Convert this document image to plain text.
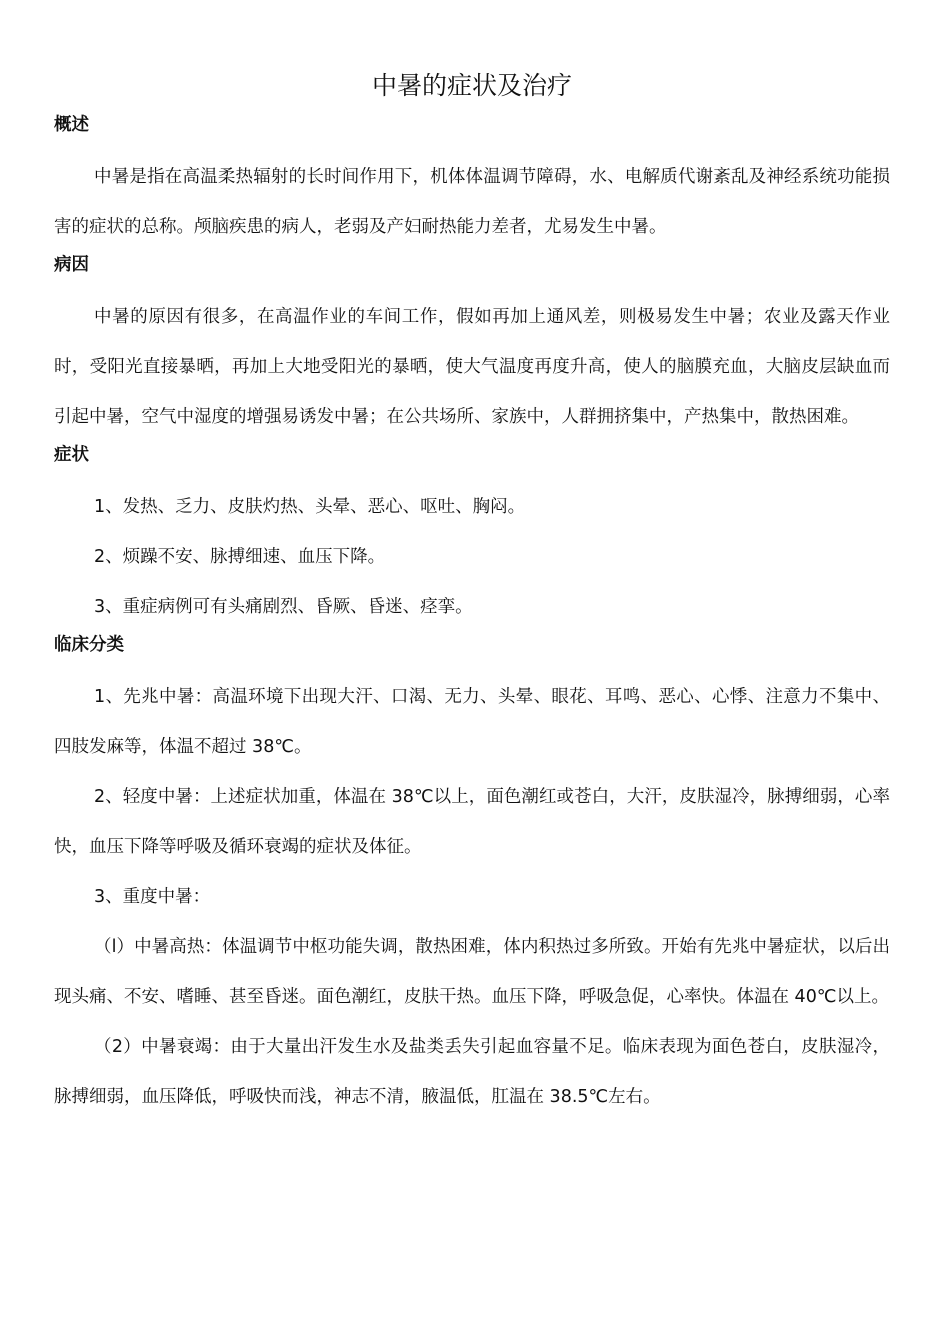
中暑的症状及治疗

概述

中暑是指在高温柔热辐射的长时间作用下，机体体温调节障碍，水、电解质代谢紊乱及神经系统功能损害的症状的总称。颅脑疾患的病人，老弱及产妇耐热能力差者，尤易发生中暑。

病因

中暑的原因有很多，在高温作业的车间工作，假如再加上通风差，则极易发生中暑；农业及露天作业时，受阳光直接暴晒，再加上大地受阳光的暴晒，使大气温度再度升高，使人的脑膜充血，大脑皮层缺血而引起中暑，空气中湿度的增强易诱发中暑；在公共场所、家族中，人群拥挤集中，产热集中，散热困难。

症状

1、发热、乏力、皮肤灼热、头晕、恶心、呕吐、胸闷。

2、烦躁不安、脉搏细速、血压下降。

3、重症病例可有头痛剧烈、昏厥、昏迷、痉挛。

临床分类

1、先兆中暑：高温环境下出现大汗、口渴、无力、头晕、眼花、耳鸣、恶心、心悸、注意力不集中、四肢发麻等，体温不超过 38℃。

2、轻度中暑：上述症状加重，体温在 38℃以上，面色潮红或苍白，大汗，皮肤湿冷，脉搏细弱，心率快，血压下降等呼吸及循环衰竭的症状及体征。

3、重度中暑：

（l）中暑高热：体温调节中枢功能失调，散热困难，体内积热过多所致。开始有先兆中暑症状，以后出现头痛、不安、嗜睡、甚至昏迷。面色潮红，皮肤干热。血压下降，呼吸急促，心率快。体温在 40℃以上。

（2）中暑衰竭：由于大量出汗发生水及盐类丢失引起血容量不足。临床表现为面色苍白，皮肤湿冷，脉搏细弱，血压降低，呼吸快而浅，神志不清，腋温低，肛温在 38.5℃左右。
